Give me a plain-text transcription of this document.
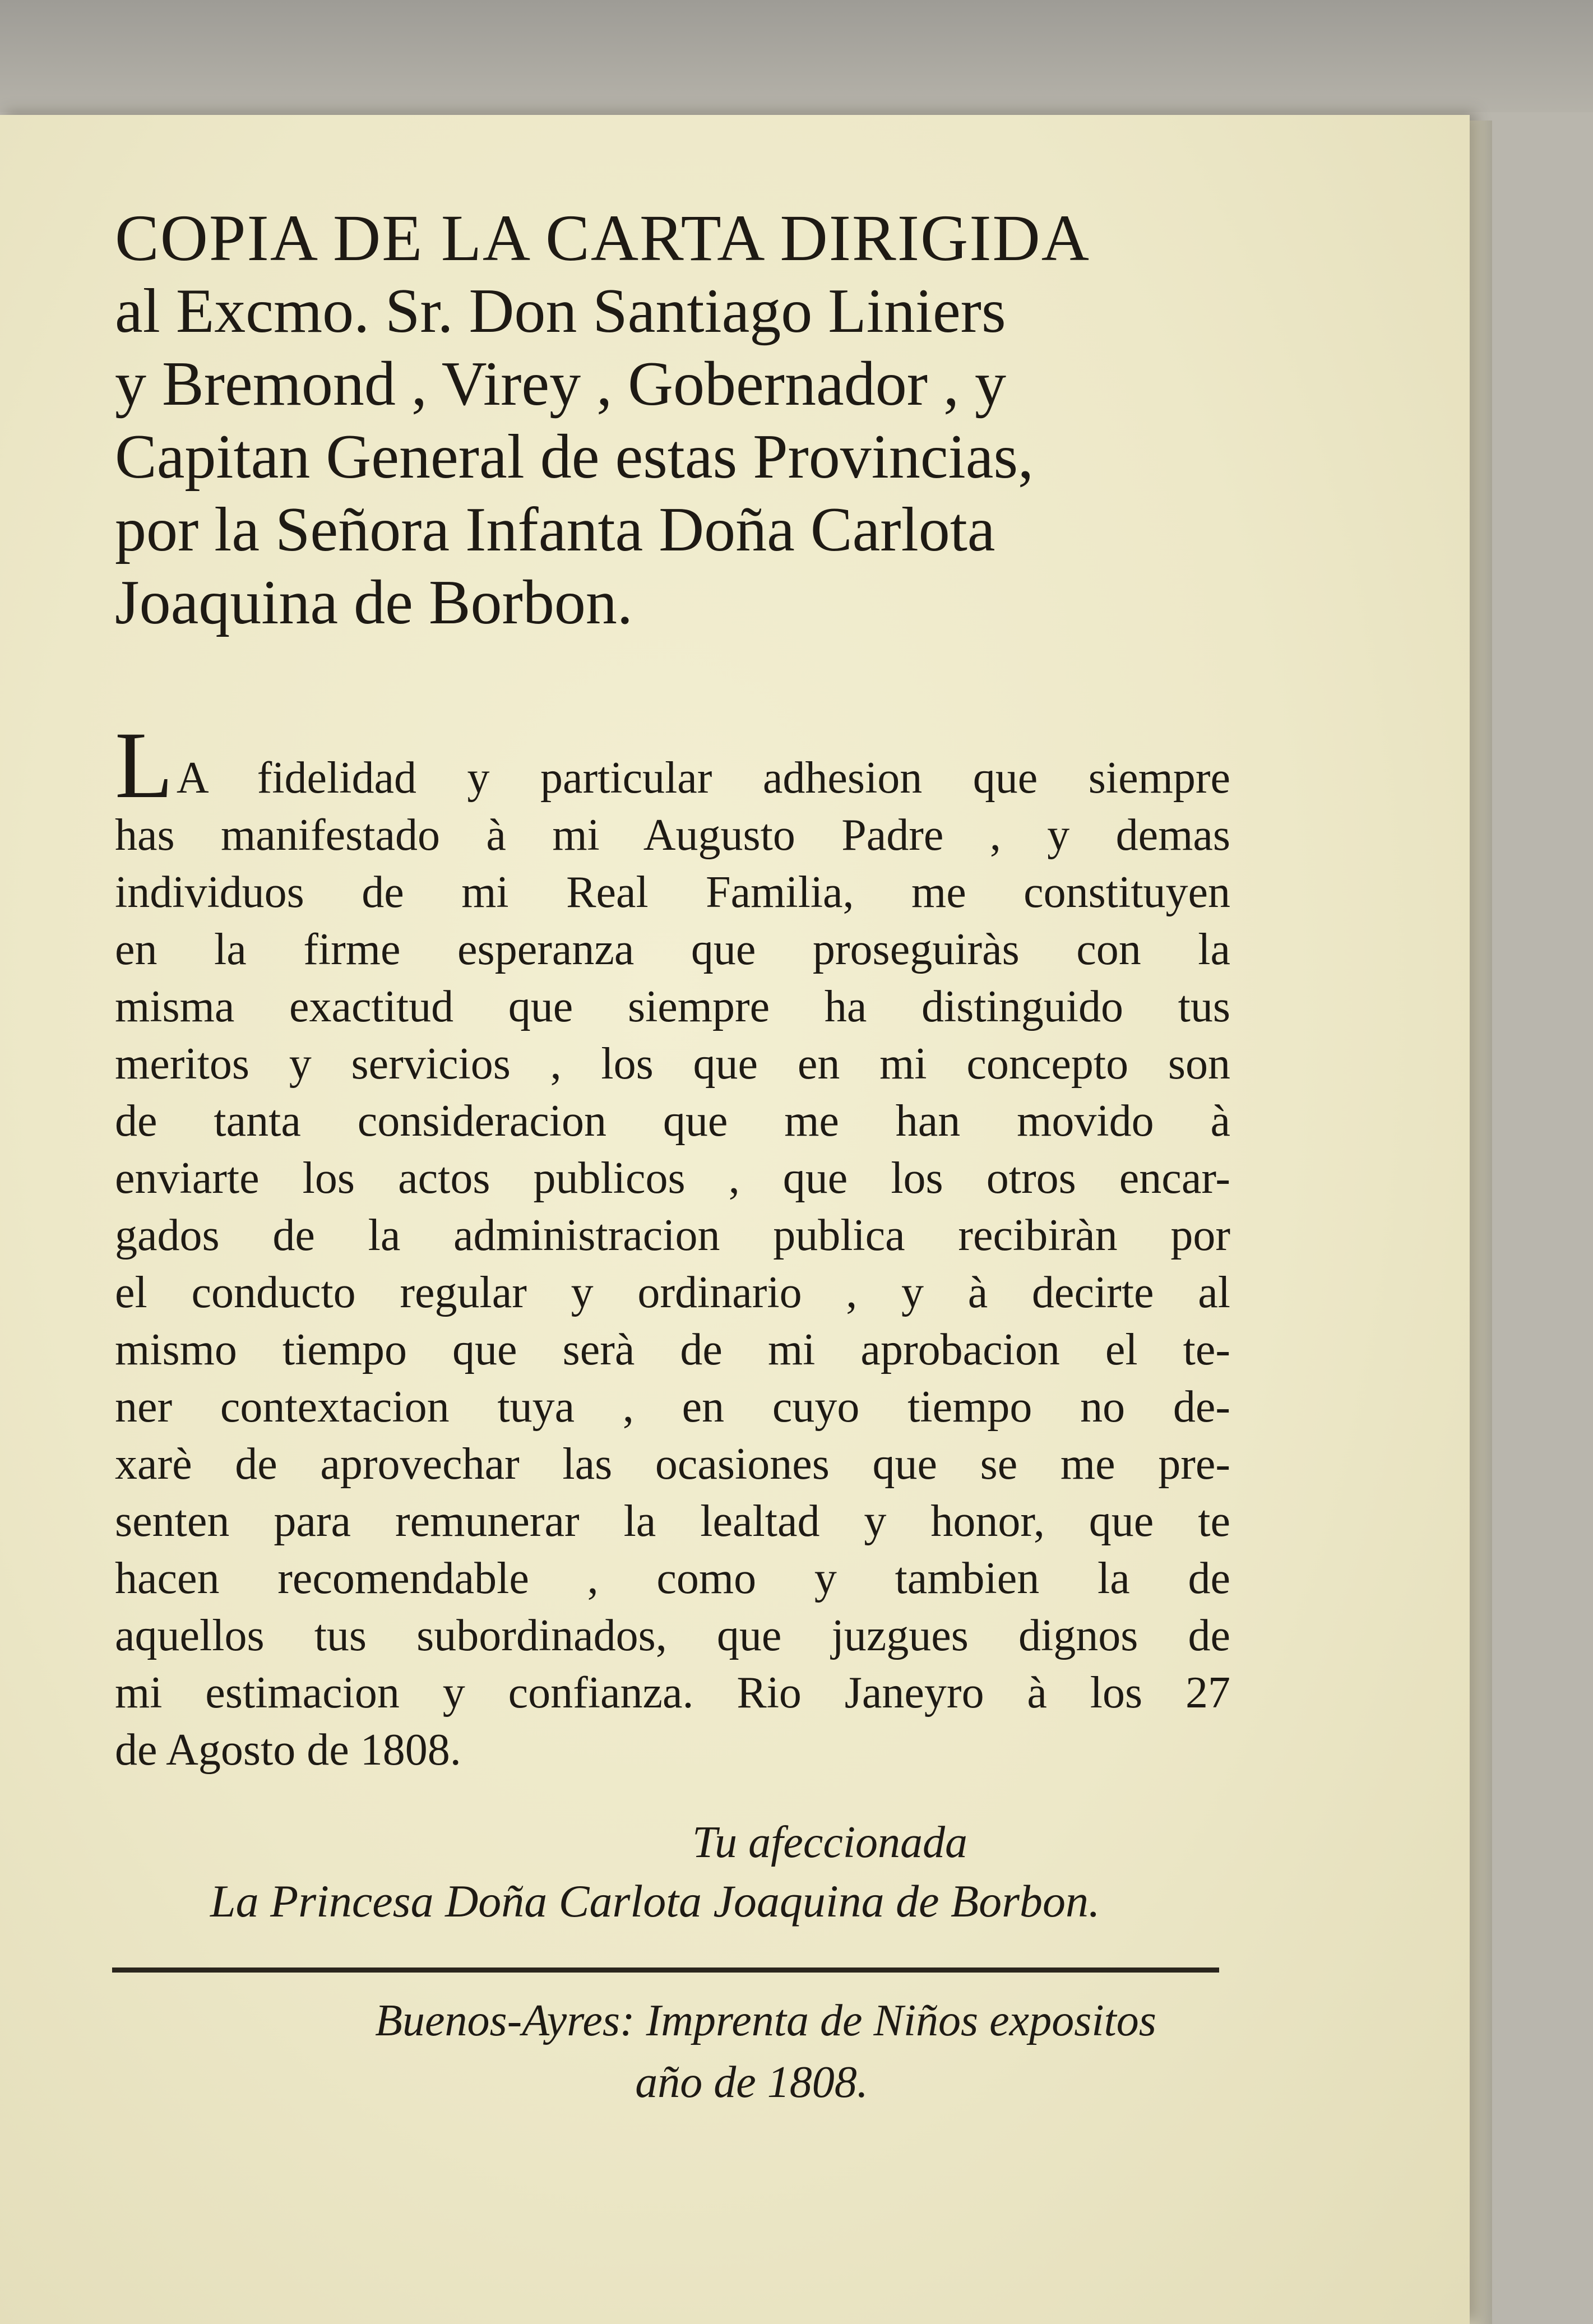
COPIA DE LA CARTA DIRIGIDA
al Excmo. Sr. Don Santiago Liniers
y Bremond , Virey , Gobernador , y
Capitan General de estas Provincias,
por la Señora Infanta Doña Carlota
Joaquina de Borbon.
LA fidelidad y particular adhesion que siempre
has manifestado à mi Augusto Padre , y demas
individuos de mi Real Familia, me constituyen
en la firme esperanza que proseguiràs con la
misma exactitud que siempre ha distinguido tus
meritos y servicios , los que en mi concepto son
de tanta consideracion que me han movido à
enviarte los actos publicos , que los otros encar-
gados de la administracion publica recibiràn por
el conducto regular y ordinario , y à decirte al
mismo tiempo que serà de mi aprobacion el te-
ner contextacion tuya , en cuyo tiempo no de-
xarè de aprovechar las ocasiones que se me pre-
senten para remunerar la lealtad y honor, que te
hacen recomendable , como y tambien la de
aquellos tus subordinados, que juzgues dignos de
mi estimacion y confianza. Rio Janeyro à los 27
de Agosto de 1808.
Tu afeccionada
La Princesa Doña Carlota Joaquina de Borbon.
Buenos-Ayres: Imprenta de Niños expositos
año de 1808.
